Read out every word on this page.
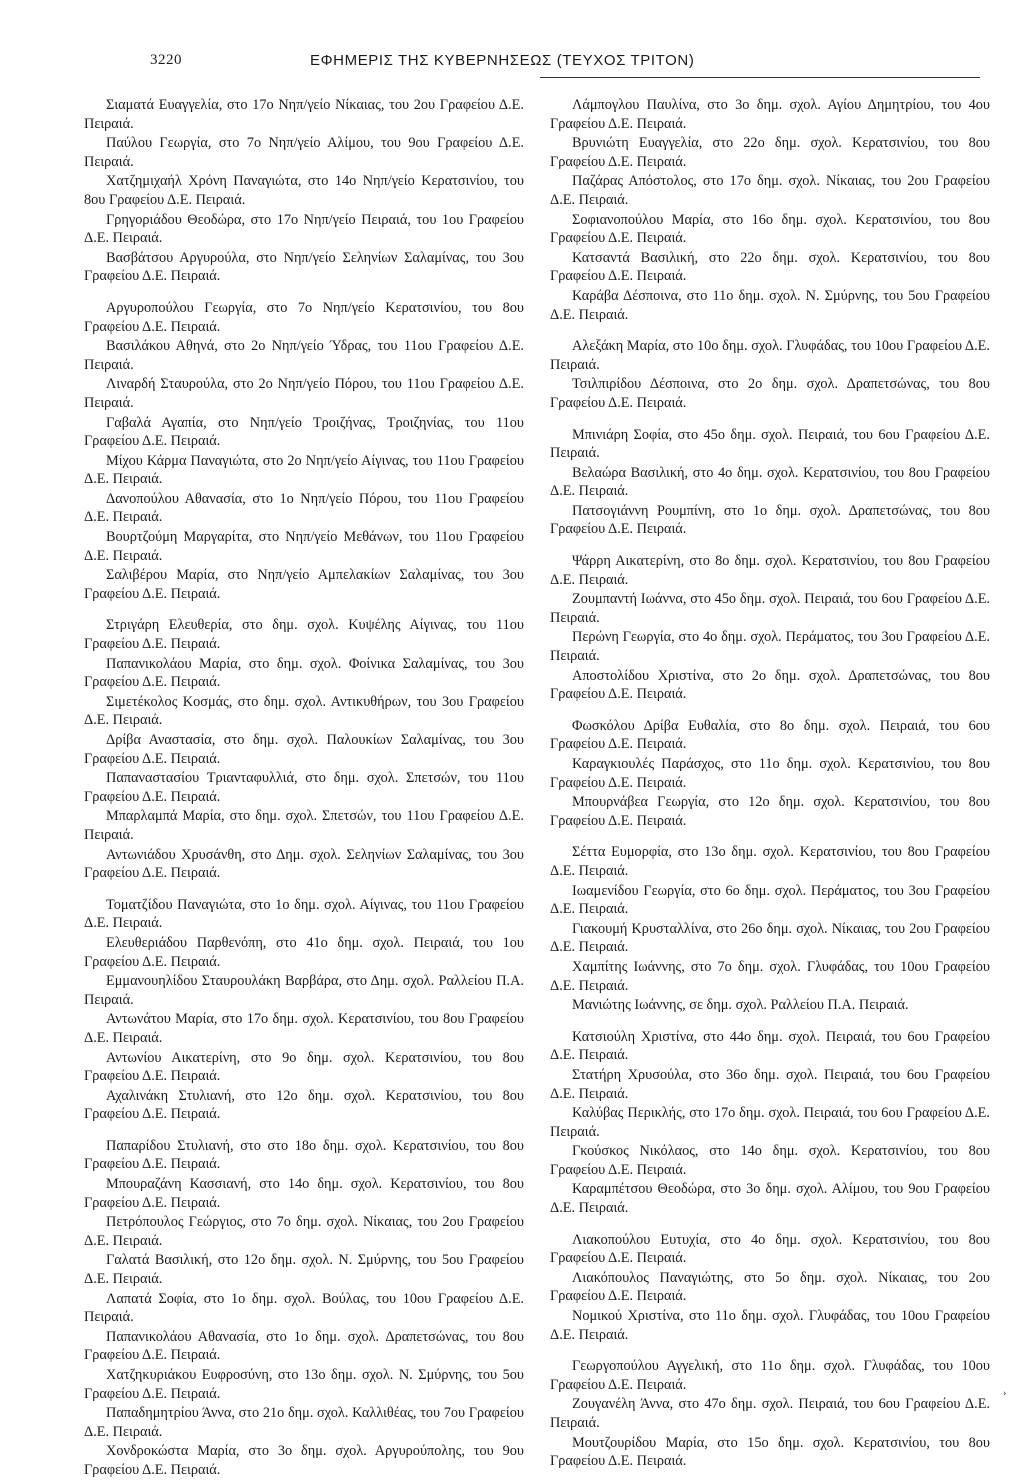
3220	ΕΦΗΜΕΡΙΣ ΤΗΣ ΚΥΒΕΡΝΗΣΕΩΣ (ΤΕΥΧΟΣ ΤΡΙΤΟΝ)

Σιαματά Ευαγγελία, στο 17ο Νηπ/γείο Νίκαιας, του 2ου Γραφείου Δ.Ε. Πειραιά.

Παύλου Γεωργία, στο 7ο Νηπ/γείο Αλίμου, του 9ου Γραφείου Δ.Ε. Πειραιά.

Χατζημιχαήλ Χρόνη Παναγιώτα, στο 14ο Νηπ/γείο Κερατσινίου, του 8ου Γραφείου Δ.Ε. Πειραιά.

Γρηγοριάδου Θεοδώρα, στο 17ο Νηπ/γείο Πειραιά, του 1ου Γραφείου Δ.Ε. Πειραιά.

Βασβάτσου Αργυρούλα, στο Νηπ/γείο Σεληνίων Σαλαμίνας, του 3ου Γραφείου Δ.Ε. Πειραιά.

Αργυροπούλου Γεωργία, στο 7ο Νηπ/γείο Κερατσινίου, του 8ου Γραφείου Δ.Ε. Πειραιά.

Βασιλάκου Αθηνά, στο 2ο Νηπ/γείο Ύδρας, του 11ου Γραφείου Δ.Ε. Πειραιά.

Λιναρδή Σταυρούλα, στο 2ο Νηπ/γείο Πόρου, του 11ου Γραφείου Δ.Ε. Πειραιά.

Γαβαλά Αγαπία, στο Νηπ/γείο Τροιζήνας, Τροιζηνίας, του 11ου Γραφείου Δ.Ε. Πειραιά.

Μίχου Κάρμα Παναγιώτα, στο 2ο Νηπ/γείο Αίγινας, του 11ου Γραφείου Δ.Ε. Πειραιά.

Δανοπούλου Αθανασία, στο 1ο Νηπ/γείο Πόρου, του 11ου Γραφείου Δ.Ε. Πειραιά.

Βουρτζούμη Μαργαρίτα, στο Νηπ/γείο Μεθάνων, του 11ου Γραφείου Δ.Ε. Πειραιά.

Σαλιβέρου Μαρία, στο Νηπ/γείο Αμπελακίων Σαλαμίνας, του 3ου Γραφείου Δ.Ε. Πειραιά.

Στριγάρη Ελευθερία, στο δημ. σχολ. Κυψέλης Αίγινας, του 11ου Γραφείου Δ.Ε. Πειραιά.

Παπανικολάου Μαρία, στο δημ. σχολ. Φοίνικα Σαλαμίνας, του 3ου Γραφείου Δ.Ε. Πειραιά.

Σιμετέκολος Κοσμάς, στο δημ. σχολ. Αντικυθήρων, του 3ου Γραφείου Δ.Ε. Πειραιά.

Δρίβα Αναστασία, στο δημ. σχολ. Παλουκίων Σαλαμίνας, του 3ου Γραφείου Δ.Ε. Πειραιά.

Παπαναστασίου Τριανταφυλλιά, στο δημ. σχολ. Σπετσών, του 11ου Γραφείου Δ.Ε. Πειραιά.

Μπαρλαμπά Μαρία, στο δημ. σχολ. Σπετσών, του 11ου Γραφείου Δ.Ε. Πειραιά.

Αντωνιάδου Χρυσάνθη, στο Δημ. σχολ. Σεληνίων Σαλαμίνας, του 3ου Γραφείου Δ.Ε. Πειραιά.

Τοματζίδου Παναγιώτα, στο 1ο δημ. σχολ. Αίγινας, του 11ου Γραφείου Δ.Ε. Πειραιά.

Ελευθεριάδου Παρθενόπη, στο 41ο δημ. σχολ. Πειραιά, του 1ου Γραφείου Δ.Ε. Πειραιά.

Εμμανουηλίδου Σταυρουλάκη Βαρβάρα, στο Δημ. σχολ. Ραλλείου Π.Α. Πειραιά.

Αντωνάτου Μαρία, στο 17ο δημ. σχολ. Κερατσινίου, του 8ου Γραφείου Δ.Ε. Πειραιά.

Αντωνίου Αικατερίνη, στο 9ο δημ. σχολ. Κερατσινίου, του 8ου Γραφείου Δ.Ε. Πειραιά.

Αχαλινάκη Στυλιανή, στο 12ο δημ. σχολ. Κερατσινίου, του 8ου Γραφείου Δ.Ε. Πειραιά.

Παπαρίδου Στυλιανή, στο στο 18ο δημ. σχολ. Κερατσινίου, του 8ου Γραφείου Δ.Ε. Πειραιά.

Μπουραζάνη Κασσιανή, στο 14ο δημ. σχολ. Κερατσινίου, του 8ου Γραφείου Δ.Ε. Πειραιά.

Πετρόπουλος Γεώργιος, στο 7ο δημ. σχολ. Νίκαιας, του 2ου Γραφείου Δ.Ε. Πειραιά.

Γαλατά Βασιλική, στο 12ο δημ. σχολ. Ν. Σμύρνης, του 5ου Γραφείου Δ.Ε. Πειραιά.

Λαπατά Σοφία, στο 1ο δημ. σχολ. Βούλας, του 10ου Γραφείου Δ.Ε. Πειραιά.

Παπανικολάου Αθανασία, στο 1ο δημ. σχολ. Δραπετσώνας, του 8ου Γραφείου Δ.Ε. Πειραιά.

Χατζηκυριάκου Ευφροσύνη, στο 13ο δημ. σχολ. Ν. Σμύρνης, του 5ου Γραφείου Δ.Ε. Πειραιά.

Παπαδημητρίου Άννα, στο 21ο δημ. σχολ. Καλλιθέας, του 7ου Γραφείου Δ.Ε. Πειραιά.

Χονδροκώστα Μαρία, στο 3ο δημ. σχολ. Αργυρούπολης, του 9ου Γραφείου Δ.Ε. Πειραιά.

Λάμπογλου Παυλίνα, στο 3ο δημ. σχολ. Αγίου Δημητρίου, του 4ου Γραφείου Δ.Ε. Πειραιά.

Βρυνιώτη Ευαγγελία, στο 22ο δημ. σχολ. Κερατσινίου, του 8ου Γραφείου Δ.Ε. Πειραιά.

Παζάρας Απόστολος, στο 17ο δημ. σχολ. Νίκαιας, του 2ου Γραφείου Δ.Ε. Πειραιά.

Σοφιανοπούλου Μαρία, στο 16ο δημ. σχολ. Κερατσινίου, του 8ου Γραφείου Δ.Ε. Πειραιά.

Κατσαντά Βασιλική, στο 22ο δημ. σχολ. Κερατσινίου, του 8ου Γραφείου Δ.Ε. Πειραιά.

Καράβα Δέσποινα, στο 11ο δημ. σχολ. Ν. Σμύρνης, του 5ου Γραφείου Δ.Ε. Πειραιά.

Αλεξάκη Μαρία, στο 10ο δημ. σχολ. Γλυφάδας, του 10ου Γραφείου Δ.Ε. Πειραιά.

Τσιλπιρίδου Δέσποινα, στο 2ο δημ. σχολ. Δραπετσώνας, του 8ου Γραφείου Δ.Ε. Πειραιά.

Μπινιάρη Σοφία, στο 45ο δημ. σχολ. Πειραιά, του 6ου Γραφείου Δ.Ε. Πειραιά.

Βελαώρα Βασιλική, στο 4ο δημ. σχολ. Κερατσινίου, του 8ου Γραφείου Δ.Ε. Πειραιά.

Πατσογιάννη Ρουμπίνη, στο 1ο δημ. σχολ. Δραπετσώνας, του 8ου Γραφείου Δ.Ε. Πειραιά.

Ψάρρη Αικατερίνη, στο 8ο δημ. σχολ. Κερατσινίου, του 8ου Γραφείου Δ.Ε. Πειραιά.

Ζουμπαντή Ιωάννα, στο 45ο δημ. σχολ. Πειραιά, του 6ου Γραφείου Δ.Ε. Πειραιά.

Περώνη Γεωργία, στο 4ο δημ. σχολ. Περάματος, του 3ου Γραφείου Δ.Ε. Πειραιά.

Αποστολίδου Χριστίνα, στο 2ο δημ. σχολ. Δραπετσώνας, του 8ου Γραφείου Δ.Ε. Πειραιά.

Φωσκόλου Δρίβα Ευθαλία, στο 8ο δημ. σχολ. Πειραιά, του 6ου Γραφείου Δ.Ε. Πειραιά.

Καραγκιουλές Παράσχος, στο 11ο δημ. σχολ. Κερατσινίου, του 8ου Γραφείου Δ.Ε. Πειραιά.

Μπουρνάβεα Γεωργία, στο 12ο δημ. σχολ. Κερατσινίου, του 8ου Γραφείου Δ.Ε. Πειραιά.

Σέττα Ευμορφία, στο 13ο δημ. σχολ. Κερατσινίου, του 8ου Γραφείου Δ.Ε. Πειραιά.

Ιωαμενίδου Γεωργία, στο 6ο δημ. σχολ. Περάματος, του 3ου Γραφείου Δ.Ε. Πειραιά.

Γιακουμή Κρυσταλλίνα, στο 26ο δημ. σχολ. Νίκαιας, του 2ου Γραφείου Δ.Ε. Πειραιά.

Χαμπίτης Ιωάννης, στο 7ο δημ. σχολ. Γλυφάδας, του 10ου Γραφείου Δ.Ε. Πειραιά.

Μανιώτης Ιωάννης, σε δημ. σχολ. Ραλλείου Π.Α. Πειραιά.

Κατσιούλη Χριστίνα, στο 44ο δημ. σχολ. Πειραιά, του 6ου Γραφείου Δ.Ε. Πειραιά.

Στατήρη Χρυσούλα, στο 36ο δημ. σχολ. Πειραιά, του 6ου Γραφείου Δ.Ε. Πειραιά.

Καλύβας Περικλής, στο 17ο δημ. σχολ. Πειραιά, του 6ου Γραφείου Δ.Ε. Πειραιά.

Γκούσκος Νικόλαος, στο 14ο δημ. σχολ. Κερατσινίου, του 8ου Γραφείου Δ.Ε. Πειραιά.

Καραμπέτσου Θεοδώρα, στο 3ο δημ. σχολ. Αλίμου, του 9ου Γραφείου Δ.Ε. Πειραιά.

Λιακοπούλου Ευτυχία, στο 4ο δημ. σχολ. Κερατσινίου, του 8ου Γραφείου Δ.Ε. Πειραιά.

Λιακόπουλος Παναγιώτης, στο 5ο δημ. σχολ. Νίκαιας, του 2ου Γραφείου Δ.Ε. Πειραιά.

Νομικού Χριστίνα, στο 11ο δημ. σχολ. Γλυφάδας, του 10ου Γραφείου Δ.Ε. Πειραιά.

Γεωργοπούλου Αγγελική, στο 11ο δημ. σχολ. Γλυφάδας, του 10ου Γραφείου Δ.Ε. Πειραιά.

Ζουγανέλη Άννα, στο 47ο δημ. σχολ. Πειραιά, του 6ου Γραφείου Δ.Ε. Πειραιά.

Μουτζουρίδου Μαρία, στο 15ο δημ. σχολ. Κερατσινίου, του 8ου Γραφείου Δ.Ε. Πειραιά.

›
